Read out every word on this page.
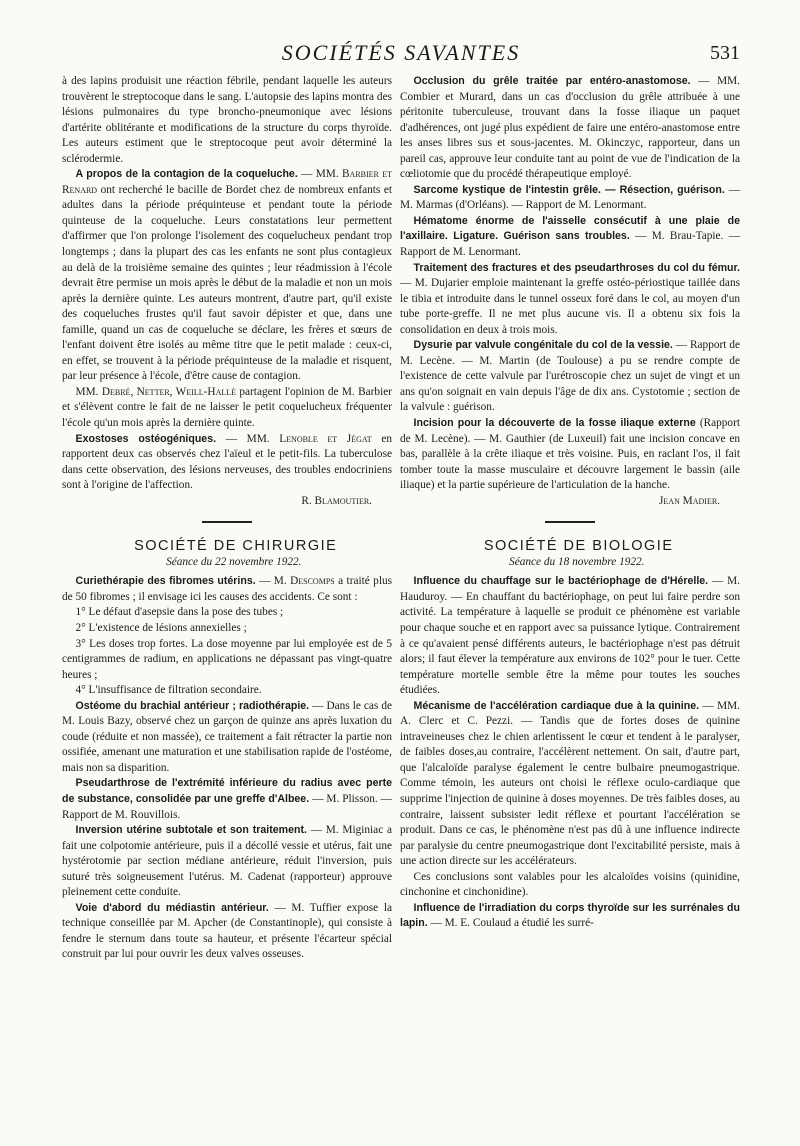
SOCIÉTÉS SAVANTES	531

à des lapins produisit une réaction fébrile, pendant laquelle les auteurs trouvèrent le streptocoque dans le sang. L'autopsie des lapins montra des lésions pulmonaires du type broncho-pneumonique avec lésions d'artérite oblitérante et modifications de la structure du corps thyroïde. Les auteurs estiment que le streptocoque peut avoir déterminé la sclérodermie.

A propos de la contagion de la coqueluche. — MM. Barbier et Renard ont recherché le bacille de Bordet chez de nombreux enfants et adultes dans la période préquinteuse et pendant toute la période quinteuse de la coqueluche. Leurs constatations leur permettent d'affirmer que l'on prolonge l'isolement des coquelucheux pendant trop longtemps ; dans la plupart des cas les enfants ne sont plus contagieux au delà de la troisième semaine des quintes ; leur réadmission à l'école devrait être permise un mois après le début de la maladie et non un mois après la dernière quinte. Les auteurs montrent, d'autre part, qu'il existe des coqueluches frustes qu'il faut savoir dépister et que, dans une famille, quand un cas de coqueluche se déclare, les frères et sœurs de l'enfant doivent être isolés au même titre que le petit malade : ceux-ci, en effet, se trouvent à la période préquinteuse de la maladie et risquent, par leur présence à l'école, d'être cause de contagion.

MM. Debré, Netter, Weill-Hallé partagent l'opinion de M. Barbier et s'élèvent contre le fait de ne laisser le petit coquelucheux fréquenter l'école qu'un mois après la dernière quinte.

Exostoses ostéogéniques. — MM. Lenoble et Jégat en rapportent deux cas observés chez l'aïeul et le petit-fils. La tuberculose dans cette observation, des lésions nerveuses, des troubles endocriniens sont à l'origine de l'affection.

R. Blamoutier.

SOCIÉTÉ DE CHIRURGIE

Séance du 22 novembre 1922.

Curiethérapie des fibromes utérins. — M. Descomps a traité plus de 50 fibromes ; il envisage ici les causes des accidents. Ce sont :

1° Le défaut d'asepsie dans la pose des tubes ;

2° L'existence de lésions annexielles ;

3° Les doses trop fortes. La dose moyenne par lui employée est de 5 centigrammes de radium, en applications ne dépassant pas vingt-quatre heures ;

4° L'insuffisance de filtration secondaire.

Ostéome du brachial antérieur ; radiothérapie. — Dans le cas de M. Louis Bazy, observé chez un garçon de quinze ans après luxation du coude (réduite et non massée), ce traitement a fait rétracter la partie non ossifiée, amenant une maturation et une stabilisation rapide de l'ostéome, mais non sa disparition.

Pseudarthrose de l'extrémité inférieure du radius avec perte de substance, consolidée par une greffe d'Albee. — M. Plisson. — Rapport de M. Rouvillois.

Inversion utérine subtotale et son traitement. — M. Miginiac a fait une colpotomie antérieure, puis il a décollé vessie et utérus, fait une hystérotomie par section médiane antérieure, réduit l'inversion, puis suturé très soigneusement l'utérus. M. Cadenat (rapporteur) approuve pleinement cette conduite.

Voie d'abord du médiastin antérieur. — M. Tuffier expose la technique conseillée par M. Apcher (de Constantinople), qui consiste à fendre le sternum dans toute sa hauteur, et présente l'écarteur spécial construit par lui pour ouvrir les deux valves osseuses.

Occlusion du grêle traitée par entéro-anastomose. — MM. Combier et Murard, dans un cas d'occlusion du grêle attribuée à une péritonite tuberculeuse, trouvant dans la fosse iliaque un paquet d'adhérences, ont jugé plus expédient de faire une entéro-anastomose entre les anses libres sus et sous-jacentes. M. Okinczyc, rapporteur, dans un pareil cas, approuve leur conduite tant au point de vue de l'indication de la cœliotomie que du procédé thérapeutique employé.

Sarcome kystique de l'intestin grêle. — Résection, guérison. — M. Marmas (d'Orléans). — Rapport de M. Lenormant.

Hématome énorme de l'aisselle consécutif à une plaie de l'axillaire. Ligature. Guérison sans troubles. — M. Brau-Tapie. — Rapport de M. Lenormant.

Traitement des fractures et des pseudarthroses du col du fémur. — M. Dujarier emploie maintenant la greffe ostéo-périostique taillée dans le tibia et introduite dans le tunnel osseux foré dans le col, au moyen d'un tube porte-greffe. Il ne met plus aucune vis. Il a obtenu six fois la consolidation en deux à trois mois.

Dysurie par valvule congénitale du col de la vessie. — Rapport de M. Lecène. — M. Martin (de Toulouse) a pu se rendre compte de l'existence de cette valvule par l'urétroscopie chez un sujet de vingt et un ans qu'on soignait en vain depuis l'âge de dix ans. Cystotomie ; section de la valvule : guérison.

Incision pour la découverte de la fosse iliaque externe (Rapport de M. Lecène). — M. Gauthier (de Luxeuil) fait une incision concave en bas, parallèle à la crête iliaque et très voisine. Puis, en raclant l'os, il fait tomber toute la masse musculaire et découvre largement le bassin (aile iliaque) et la partie supérieure de l'articulation de la hanche.

Jean Madier.

SOCIÉTÉ DE BIOLOGIE

Séance du 18 novembre 1922.

Influence du chauffage sur le bactériophage de d'Hérelle. — M. Hauduroy. — En chauffant du bactériophage, on peut lui faire perdre son activité. La température à laquelle se produit ce phénomène est variable pour chaque souche et en rapport avec sa puissance lytique. Contrairement à ce qu'avaient pensé différents auteurs, le bactériophage n'est pas détruit alors; il faut élever la température aux environs de 102° pour le tuer. Cette température mortelle semble être la même pour toutes les souches étudiées.

Mécanisme de l'accélération cardiaque due à la quinine. — MM. A. Clerc et C. Pezzi. — Tandis que de fortes doses de quinine intraveineuses chez le chien arlentissent le cœur et tendent à le paralyser, de faibles doses,au contraire, l'accélèrent nettement. On sait, d'autre part, que l'alcaloïde paralyse également le centre bulbaire pneumogastrique. Comme témoin, les auteurs ont choisi le réflexe oculo-cardiaque que supprime l'injection de quinine à doses moyennes. De très faibles doses, au contraire, laissent subsister ledit réflexe et pourtant l'accélération se produit. Dans ce cas, le phénomène n'est pas dû à une influence indirecte par paralysie du centre pneumogastrique dont l'excitabilité persiste, mais à une action directe sur les accélérateurs.

Ces conclusions sont valables pour les alcaloïdes voisins (quinidine, cinchonine et cinchonidine).

Influence de l'irradiation du corps thyroïde sur les surrénales du lapin. — M. E. Coulaud a étudié les surré-
